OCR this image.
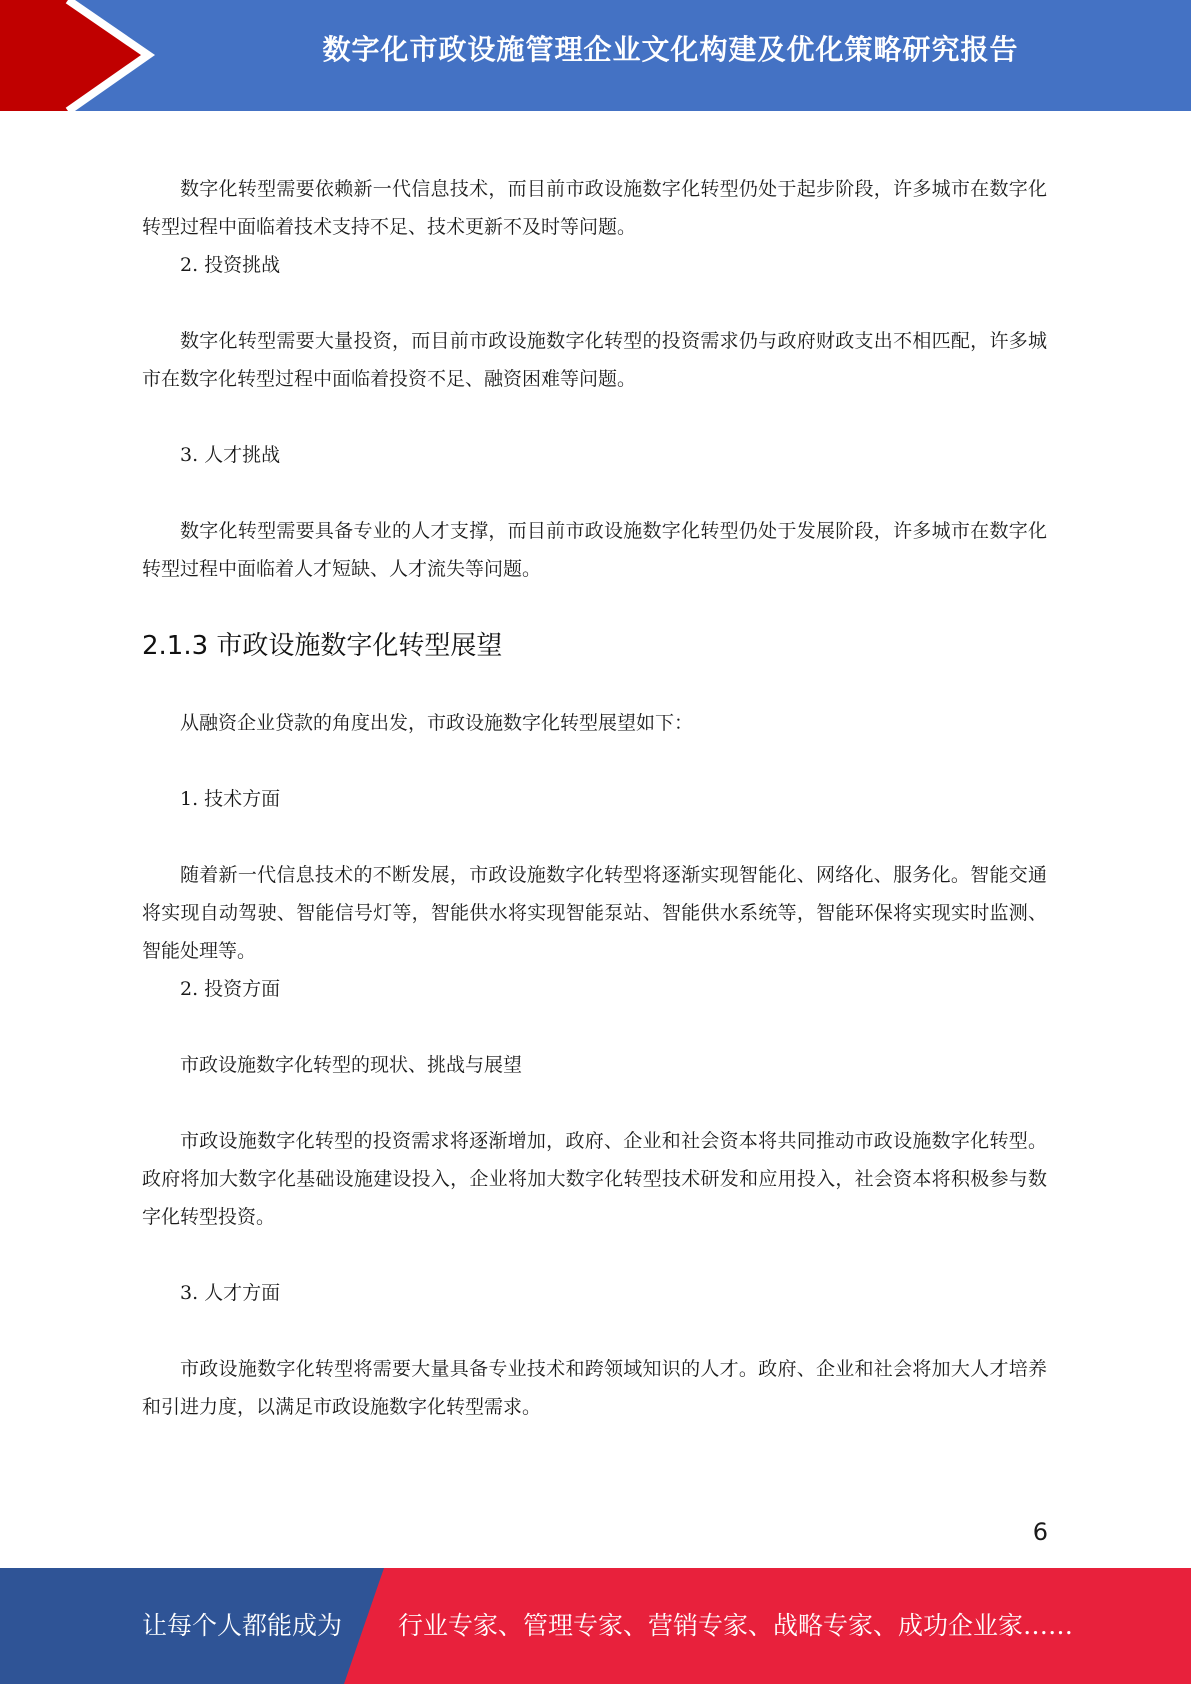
数字化市政设施管理企业文化构建及优化策略研究报告

数字化转型需要依赖新一代信息技术，而目前市政设施数字化转型仍处于起步阶段，许多城市在数字化转型过程中面临着技术支持不足、技术更新不及时等问题。

2. 投资挑战

数字化转型需要大量投资，而目前市政设施数字化转型的投资需求仍与政府财政支出不相匹配，许多城市在数字化转型过程中面临着投资不足、融资困难等问题。

3. 人才挑战

数字化转型需要具备专业的人才支撑，而目前市政设施数字化转型仍处于发展阶段，许多城市在数字化转型过程中面临着人才短缺、人才流失等问题。

2.1.3 市政设施数字化转型展望

从融资企业贷款的角度出发，市政设施数字化转型展望如下：

1. 技术方面

随着新一代信息技术的不断发展，市政设施数字化转型将逐渐实现智能化、网络化、服务化。智能交通将实现自动驾驶、智能信号灯等，智能供水将实现智能泵站、智能供水系统等，智能环保将实现实时监测、智能处理等。

2. 投资方面

市政设施数字化转型的现状、挑战与展望

市政设施数字化转型的投资需求将逐渐增加，政府、企业和社会资本将共同推动市政设施数字化转型。政府将加大数字化基础设施建设投入，企业将加大数字化转型技术研发和应用投入，社会资本将积极参与数字化转型投资。

3. 人才方面

市政设施数字化转型将需要大量具备专业技术和跨领域知识的人才。政府、企业和社会将加大人才培养和引进力度，以满足市政设施数字化转型需求。

6
让每个人都能成为 行业专家、管理专家、营销专家、战略专家、成功企业家……
